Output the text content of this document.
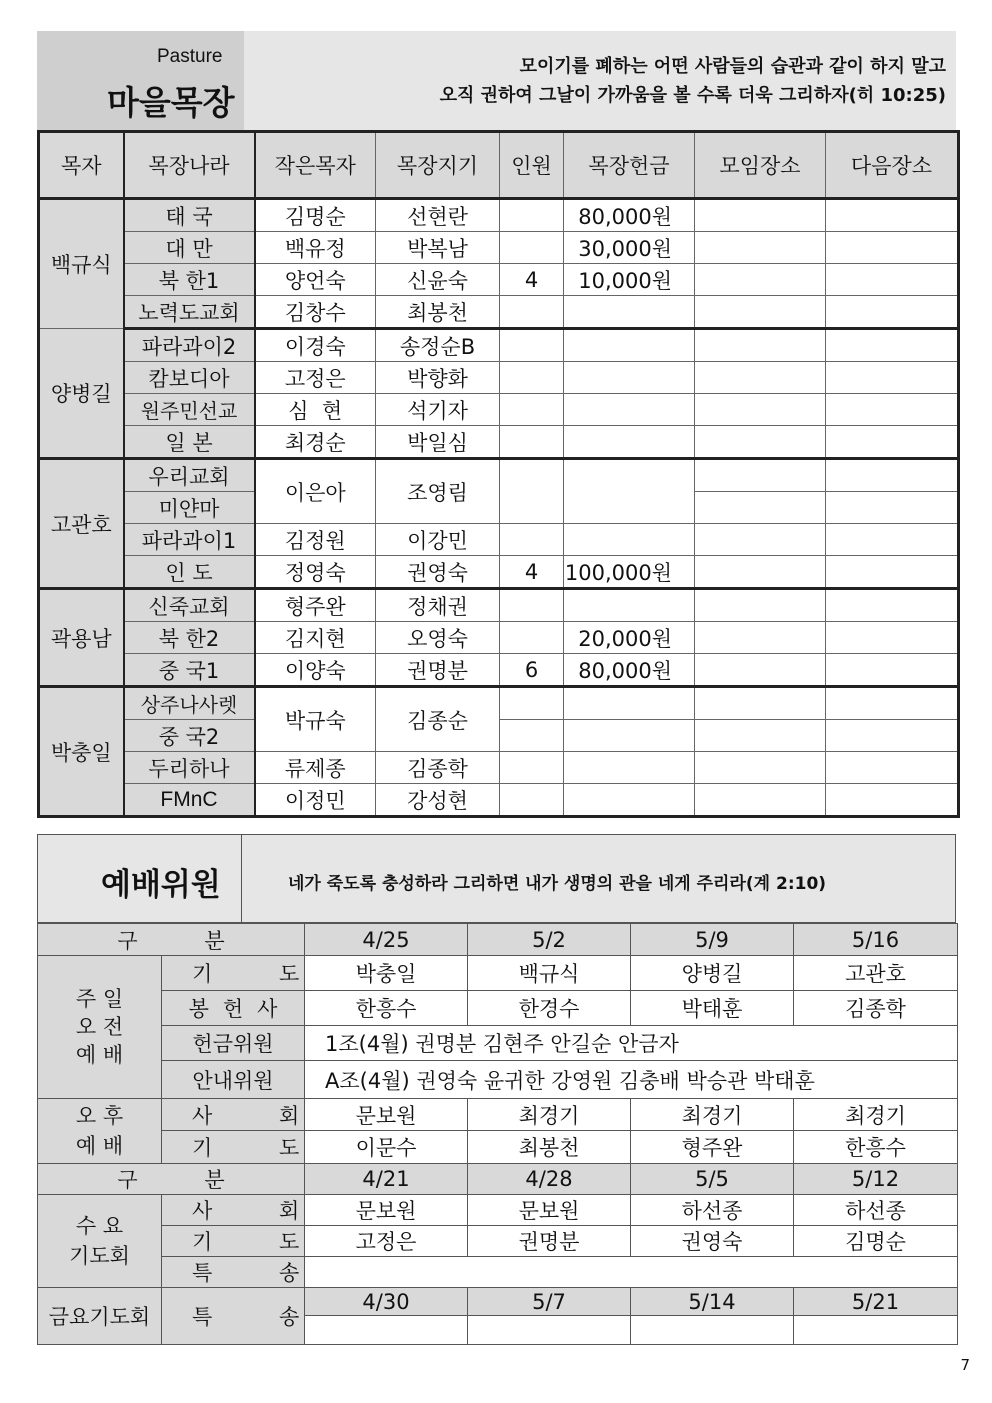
Pasture
마을목장
모이기를 폐하는 어떤 사람들의 습관과 같이 하지 말고
오직 권하여 그날이 가까움을 볼 수록 더욱 그리하자(히 10:25)
목자	목장나라	작은목자	목장지기	인원	목장헌금	모임장소	다음장소
백규식	태 국	김명순	선현란		80,000원		
	대 만	백유정	박복남		30,000원		
	북 한1	양언숙	신윤숙	4	10,000원		
	노력도교회	김창수	최봉천				
양병길	파라과이2	이경숙	송정순B				
	캄보디아	고정은	박향화				
	원주민선교	심  현	석기자				
	일 본	최경순	박일심				
고관호	우리교회	이은아	조영림				
	미얀마						
	파라과이1	김정원	이강민				
	인 도	정영숙	권영숙	4	100,000원		
곽용남	신죽교회	형주완	정채권				
	북 한2	김지현	오영숙		20,000원		
	중 국1	이양숙	권명분	6	80,000원		
박충일	상주나사렛	박규숙	김종순				
	중 국2						
	두리하나	류제종	김종학				
	FMnC	이정민	강성현				
예배위원	네가 죽도록 충성하라 그리하면 내가 생명의 관을 네게 주리라(계 2:10)
구 분		4/25	5/2	5/9	5/16

주 일
오 전
예 배	기 도	박충일	백규식	양병길	고관호
	봉헌사	한흥수	한경수	박태훈	김종학
	헌금위원	1조(4월) 권명분 김현주 안길순 안금자			
	안내위원	A조(4월) 권영숙 윤귀한 강영원 김충배 박승관 박태훈			

오 후
예 배	사 회	문보원	최경기	최경기	최경기
	기 도	이문수	최봉천	형주완	한흥수
구 분		4/21	4/28	5/5	5/12

수 요
기도회	사 회	문보원	문보원	하선종	하선종
	기 도	고정은	권명분	권영숙	김명순
	특 송				
금요기도회	특 송	4/30	5/7	5/14	5/21

7
